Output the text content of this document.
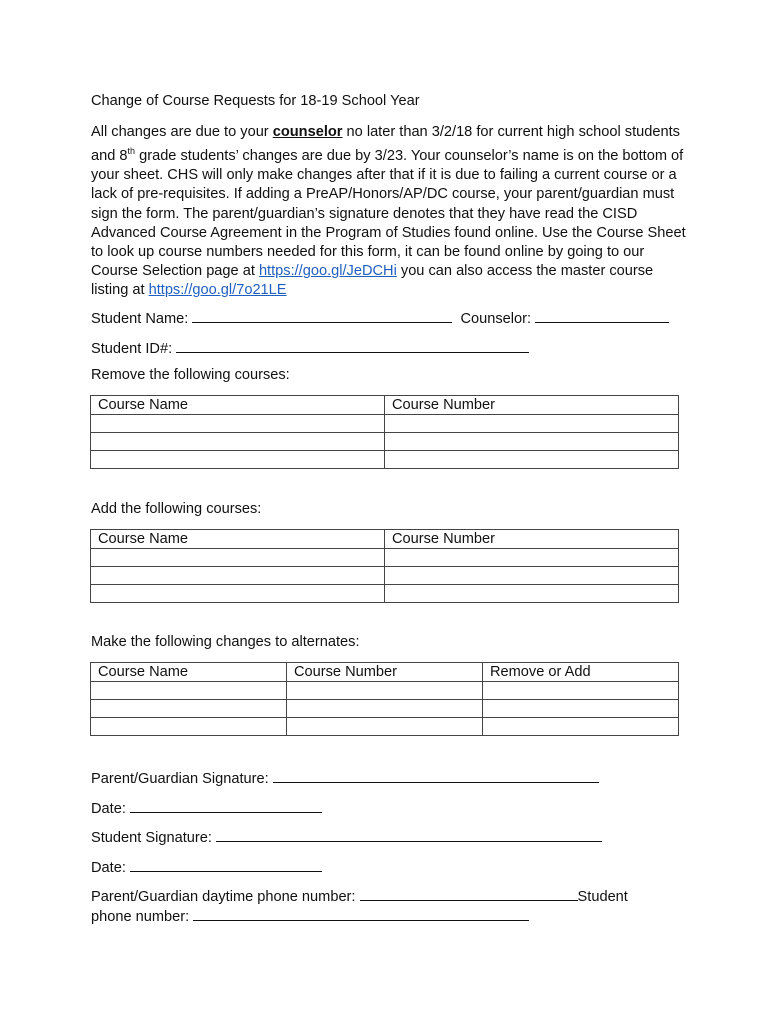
Change of Course Requests for 18-19 School Year
All changes are due to your counselor no later than 3/2/18 for current high school students and 8th grade students’ changes are due by 3/23. Your counselor’s name is on the bottom of your sheet. CHS will only make changes after that if it is due to failing a current course or a lack of pre-requisites. If adding a PreAP/Honors/AP/DC course, your parent/guardian must sign the form. The parent/guardian’s signature denotes that they have read the CISD Advanced Course Agreement in the Program of Studies found online. Use the Course Sheet to look up course numbers needed for this form, it can be found online by going to our Course Selection page at https://goo.gl/JeDCHi you can also access the master course listing at https://goo.gl/7o21LE
Student Name:	Counselor:
Student ID#:
Remove the following courses:
Course Name	Course Number

Add the following courses:
Course Name	Course Number

Make the following changes to alternates:
Course Name	Course Number	Remove or Add

Parent/Guardian Signature:
Date:
Student Signature:
Date:
Parent/Guardian daytime phone number:	Student
phone number:
